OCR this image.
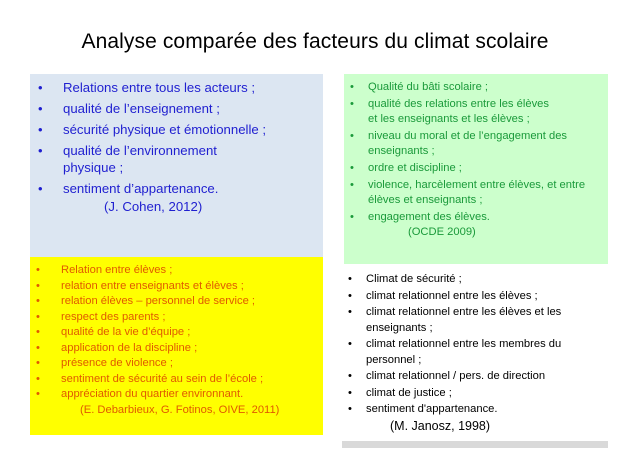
Analyse comparée des facteurs du climat scolaire
• Relations entre tous les acteurs ;
• qualité de l’enseignement ;
• sécurité physique et émotionnelle ;
• qualité de l’environnement physique ;
• sentiment d’appartenance.
(J. Cohen, 2012)
• Qualité du bâti scolaire ;
• qualité des relations entre les élèves et les enseignants et les élèves ;
• niveau du moral et de l’engagement des enseignants ;
• ordre et discipline ;
• violence, harcèlement entre élèves, et entre élèves et enseignants ;
• engagement des élèves.
(OCDE 2009)
• Relation entre élèves ;
• relation entre enseignants et élèves ;
• relation élèves – personnel de service ;
• respect des parents ;
• qualité de la vie d’équipe ;
• application de la discipline ;
• présence de violence ;
• sentiment de sécurité au sein de l’école ;
• appréciation du quartier environnant.
(E. Debarbieux, G. Fotinos, OIVE, 2011)
• Climat de sécurité ;
• climat relationnel entre les élèves ;
• climat relationnel entre les élèves et les enseignants ;
• climat relationnel entre les membres du personnel ;
• climat relationnel / pers. de direction
• climat de justice ;
• sentiment d'appartenance.
(M. Janosz, 1998)
